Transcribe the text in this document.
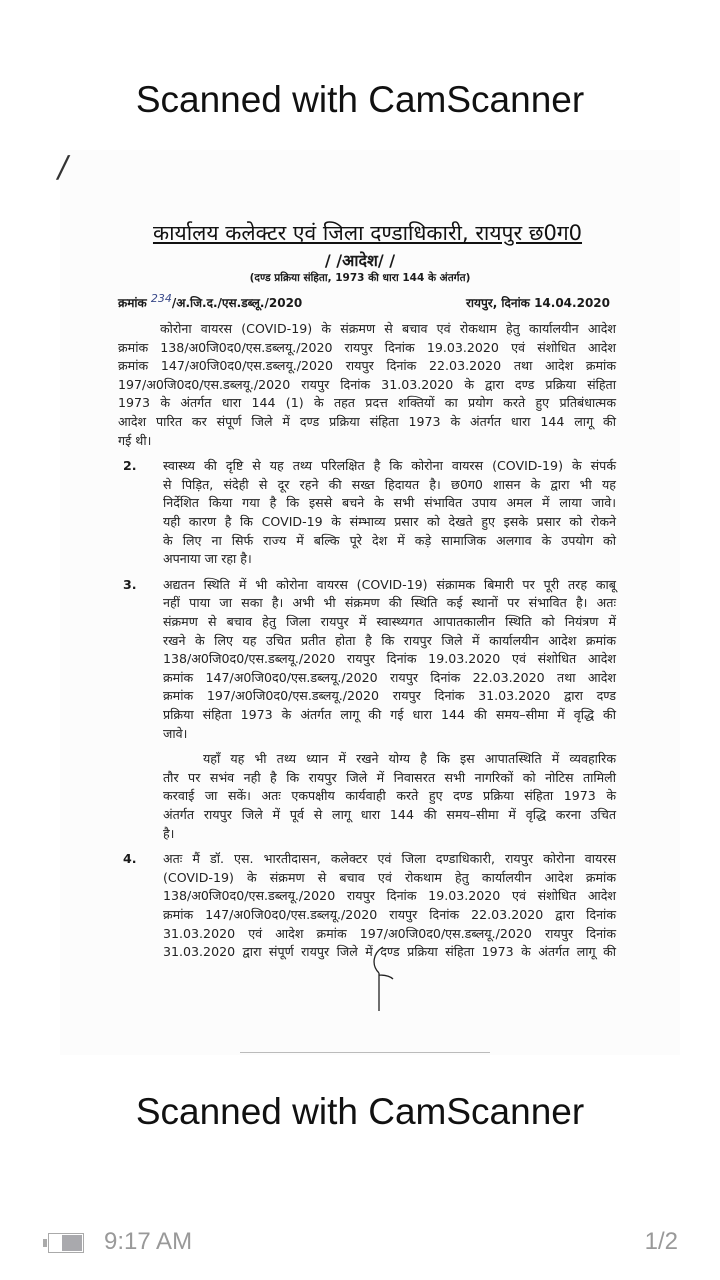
Scanned with CamScanner
/
कार्यालय कलेक्टर एवं जिला दण्डाधिकारी, रायपुर छ0ग0
/ /आदेश/ /
(दण्ड प्रक्रिया संहिता, 1973 की धारा 144 के अंतर्गत)
क्रमांक 234/अ.जि.द./एस.डब्लू./2020	रायपुर, दिनांक 14.04.2020
कोरोना वायरस (COVID-19) के संक्रमण से बचाव एवं रोकथाम हेतु कार्यालयीन आदेश
क्रमांक 138/अ0जि0द0/एस.डब्लयू./2020 रायपुर दिनांक 19.03.2020 एवं संशोधित आदेश
क्रमांक 147/अ0जि0द0/एस.डब्लयू./2020 रायपुर दिनांक 22.03.2020 तथा आदेश क्रमांक
197/अ0जि0द0/एस.डब्लयू./2020 रायपुर दिनांक 31.03.2020 के द्वारा दण्ड प्रक्रिया संहिता
1973 के अंतर्गत धारा 144 (1) के तहत प्रदत्त शक्तियों का प्रयोग करते हुए प्रतिबंधात्मक
आदेश पारित कर संपूर्ण जिले में दण्ड प्रक्रिया संहिता 1973 के अंतर्गत धारा 144 लागू की
गई थी।
स्वास्थ्य की दृष्टि से यह तथ्य परिलक्षित है कि कोरोना वायरस (COVID-19) के संपर्क
से पिड़ित, संदेही से दूर रहने की सख्त हिदायत है। छ0ग0 शासन के द्वारा भी यह
निर्देशित किया गया है कि इससे बचने के सभी संभावित उपाय अमल में लाया जावे।
यही कारण है कि COVID-19 के संम्भाव्य प्रसार को देखते हुए इसके प्रसार को रोकने
के लिए ना सिर्फ राज्य में बल्कि पूरे देश में कड़े सामाजिक अलगाव के उपयोग को
अपनाया जा रहा है।
अद्यतन स्थिति में भी कोरोना वायरस (COVID-19) संक्रामक बिमारी पर पूरी तरह काबू
नहीं पाया जा सका है। अभी भी संक्रमण की स्थिति कई स्थानों पर संभावित है। अतः
संक्रमण से बचाव हेतु जिला रायपुर में स्वास्थ्यगत आपातकालीन स्थिति को नियंत्रण में
रखने के लिए यह उचित प्रतीत होता है कि रायपुर जिले में कार्यालयीन आदेश क्रमांक
138/अ0जि0द0/एस.डब्लयू./2020 रायपुर दिनांक 19.03.2020 एवं संशोधित आदेश
क्रमांक 147/अ0जि0द0/एस.डब्लयू./2020 रायपुर दिनांक 22.03.2020 तथा आदेश
क्रमांक 197/अ0जि0द0/एस.डब्लयू./2020 रायपुर दिनांक 31.03.2020 द्वारा दण्ड
प्रक्रिया संहिता 1973 के अंतर्गत लागू की गई धारा 144 की समय–सीमा में वृद्धि की
जावे।
यहाँ यह भी तथ्य ध्यान में रखने योग्य है कि इस आपातस्थिति में व्यवहारिक
तौर पर सभंव नही है कि रायपुर जिले में निवासरत सभी नागरिकों को नोटिस तामिली
करवाई जा सकें। अतः एकपक्षीय कार्यवाही करते हुए दण्ड प्रक्रिया संहिता 1973 के
अंतर्गत रायपुर जिले में पूर्व से लागू धारा 144 की समय–सीमा में वृद्धि करना उचित
है।
अतः मैं डॉ. एस. भारतीदासन, कलेक्टर एवं जिला दण्डाधिकारी, रायपुर कोरोना वायरस
(COVID-19) के संक्रमण से बचाव एवं रोकथाम हेतु कार्यालयीन आदेश क्रमांक
138/अ0जि0द0/एस.डब्लयू./2020 रायपुर दिनांक 19.03.2020 एवं संशोधित आदेश
क्रमांक 147/अ0जि0द0/एस.डब्लयू./2020 रायपुर दिनांक 22.03.2020 द्वारा दिनांक
31.03.2020 एवं आदेश क्रमांक 197/अ0जि0द0/एस.डब्लयू./2020 रायपुर दिनांक
31.03.2020 द्वारा संपूर्ण रायपुर जिले में दण्ड प्रक्रिया संहिता 1973 के अंतर्गत लागू की
2.
3.
4.
Scanned with CamScanner
9:17 AM	1/2
